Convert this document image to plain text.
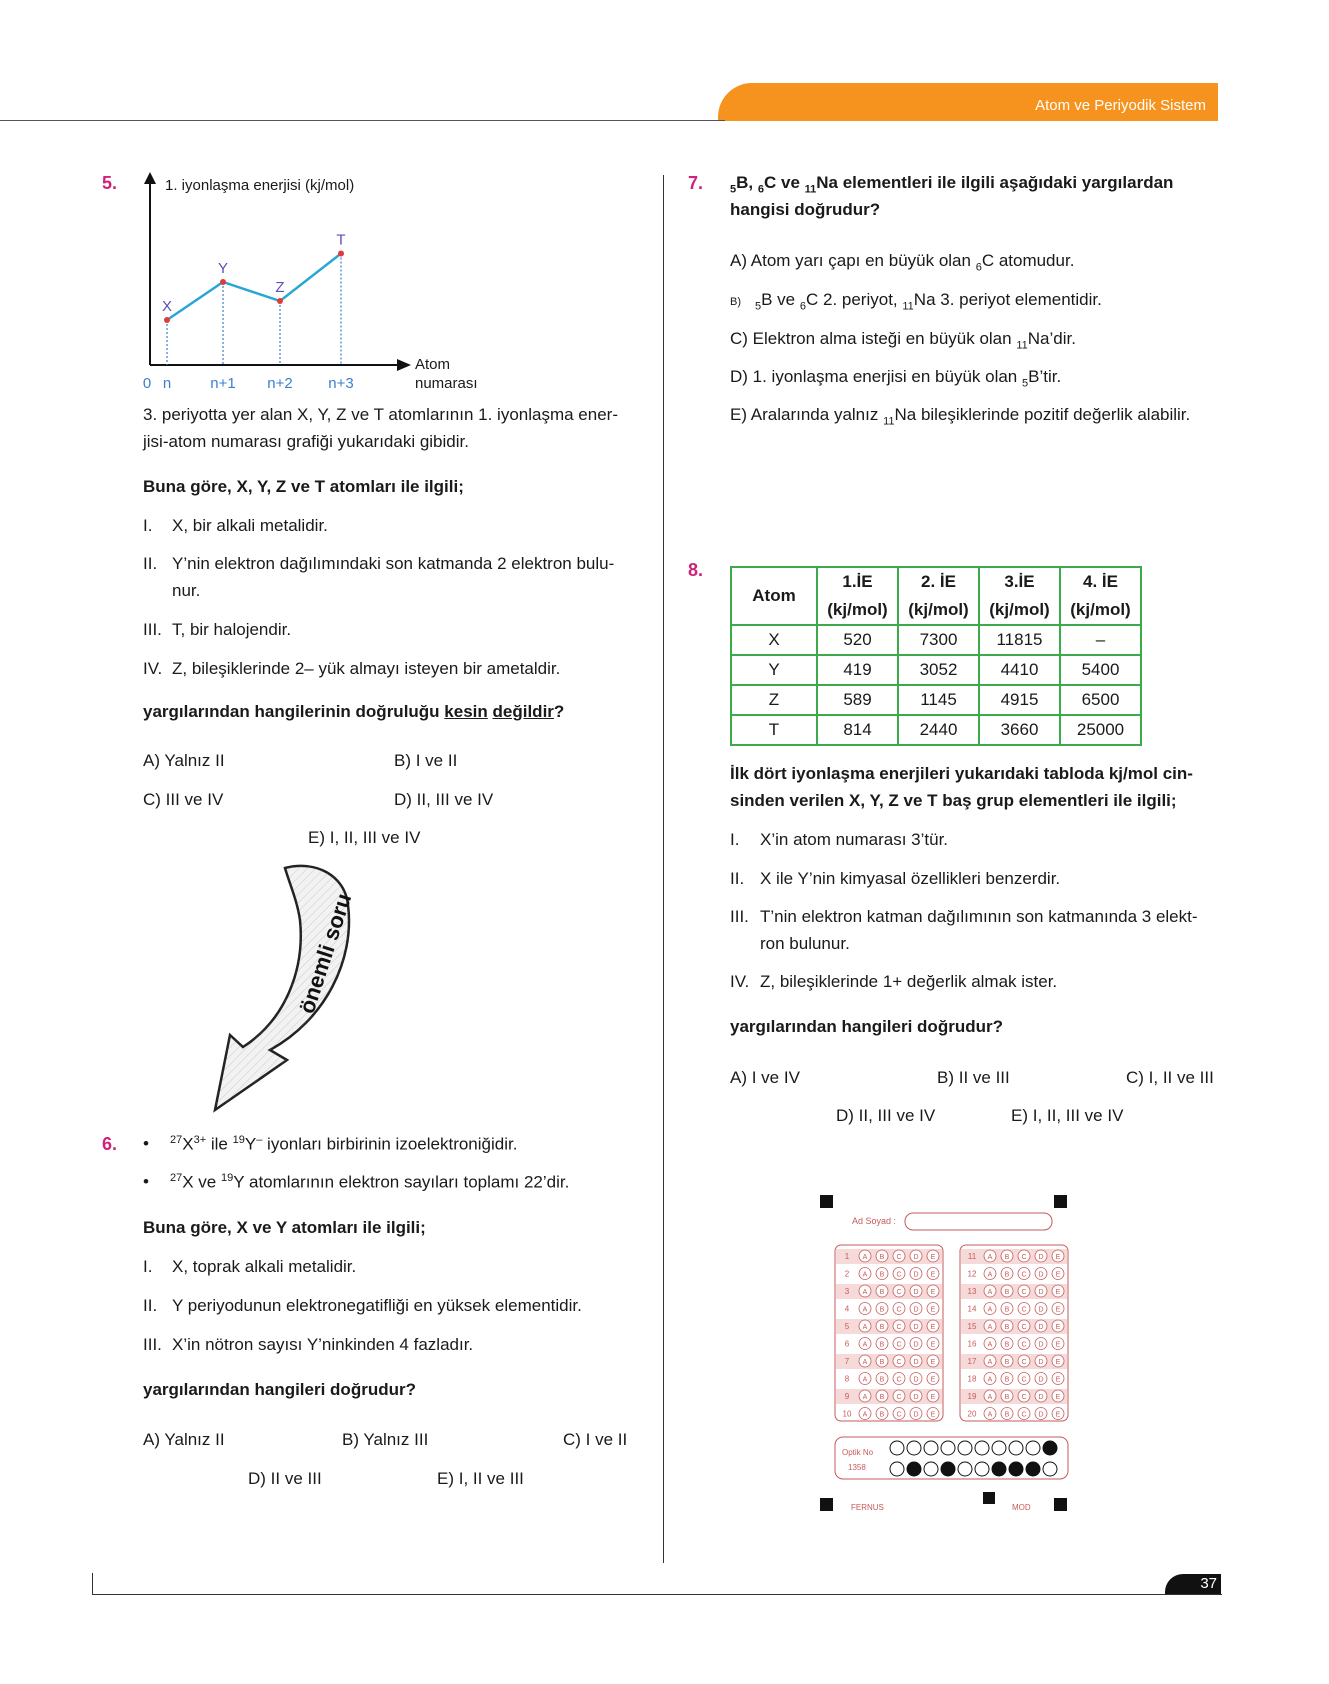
Atom ve Periyodik Sistem
5.	1. iyonlaşma enerjisi (kj/mol)
Atom
numarası
0
X
n
Y
n+1
Z
n+2
T
n+3
3. periyotta yer alan X, Y, Z ve T atomlarının 1. iyonlaşma ener-
jisi-atom numarası grafiği yukarıdaki gibidir.
Buna göre, X, Y, Z ve T atomları ile ilgili;
I. X, bir alkali metalidir.
II. Y’nin elektron dağılımındaki son katmanda 2 elektron bulu-
nur.
III. T, bir halojendir.
IV. Z, bileşiklerinde 2– yük almayı isteyen bir ametaldir.
yargılarından hangilerinin doğruluğu kesin değildir?
A) Yalnız II	B) I ve II
C) III ve IV	D) II, III ve IV
E) I, II, III ve IV
önemli soru
6. • $^{27}X^{3+}$ ile $^{19}$Y– iyonları birbirinin izoelektroniğidir.
• $^{27}$X ve $^{19}$Y atomlarının elektron sayıları toplamı 22’dir.
Buna göre, X ve Y atomları ile ilgili;
I. X, toprak alkali metalidir.
II. Y periyodunun elektronegatifliği en yüksek elementidir.
III. X’in nötron sayısı Y’ninkinden 4 fazladır.
yargılarından hangileri doğrudur?
A) Yalnız II	B) Yalnız III	C) I ve II
D) II ve III	E) I, II ve III
7. $_5$B, $_6$C ve $_{11}$Na elementleri ile ilgili aşağıdaki yargılardan
hangisi doğrudur?
A) Atom yarı çapı en büyük olan $_6$C atomudur.
B) $_5$B ve $_6$C 2. periyot, $_{11}$Na 3. periyot elementidir.
C) Elektron alma isteği en büyük olan $_{11}$Na’dir.
D) 1. iyonlaşma enerjisi en büyük olan $_5$B’tir.
E) Aralarında yalnız $_{11}$Na bileşiklerinde pozitif değerlik alabilir.
8.
Atom	1.İE	2. İE	3.İE	4. İE
	(kj/mol)	(kj/mol)	(kj/mol)	(kj/mol)
X	520	7300	11815	–
Y	419	3052	4410	5400
Z	589	1145	4915	6500
T	814	2440	3660	25000
İlk dört iyonlaşma enerjileri yukarıdaki tabloda kj/mol cin-
sinden verilen X, Y, Z ve T baş grup elementleri ile ilgili;
I. X’in atom numarası 3’tür.
II. X ile Y’nin kimyasal özellikleri benzerdir.
III. T’nin elektron katman dağılımının son katmanında 3 elekt-
ron bulunur.
IV. Z, bileşiklerinde 1+ değerlik almak ister.
yargılarından hangileri doğrudur?
A) I ve IV	B) II ve III	C) I, II ve III
D) II, III ve IV	E) I, II, III ve IV
Ad Soyad :
1 A B C D E
2 A B C D E
3 A B C D E
4 A B C D E
5 A B C D E
6 A B C D E
7 A B C D E
8 A B C D E
9 A B C D E
10 A B C D E
11 A B C D E
12 A B C D E
13 A B C D E
14 A B C D E
15 A B C D E
16 A B C D E
17 A B C D E
18 A B C D E
19 A B C D E
20 A B C D E
Optik No
1358
FERNUS	MOD
37
